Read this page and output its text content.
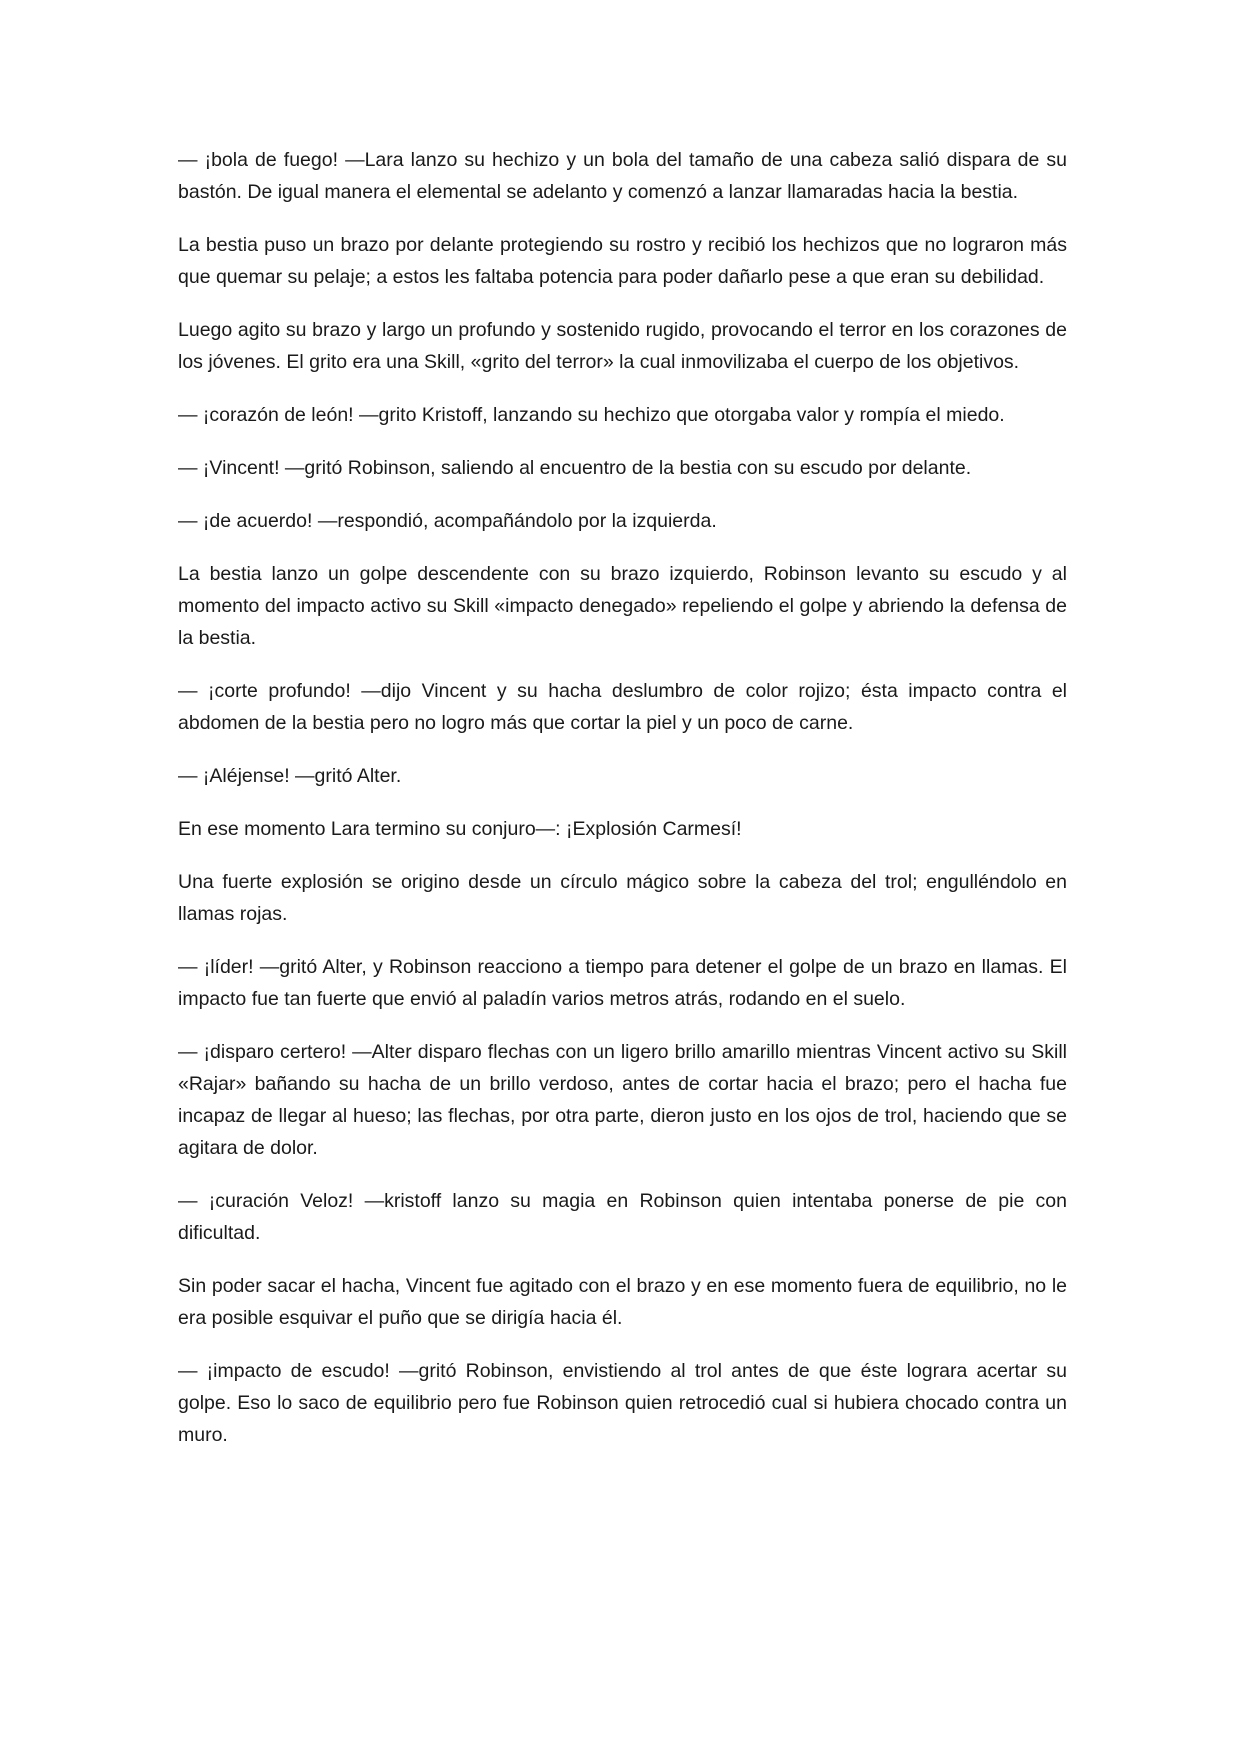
— ¡bola de fuego! —Lara lanzo su hechizo y un bola del tamaño de una cabeza salió dispara de su bastón. De igual manera el elemental se adelanto y comenzó a lanzar llamaradas hacia la bestia.

La bestia puso un brazo por delante protegiendo su rostro y recibió los hechizos que no lograron más que quemar su pelaje; a estos les faltaba potencia para poder dañarlo pese a que eran su debilidad.

Luego agito su brazo y largo un profundo y sostenido rugido, provocando el terror en los corazones de los jóvenes. El grito era una Skill, «grito del terror» la cual inmovilizaba el cuerpo de los objetivos.

— ¡corazón de león! —grito Kristoff, lanzando su hechizo que otorgaba valor y rompía el miedo.

— ¡Vincent! —gritó Robinson, saliendo al encuentro de la bestia con su escudo por delante.

— ¡de acuerdo! —respondió, acompañándolo por la izquierda.

La bestia lanzo un golpe descendente con su brazo izquierdo, Robinson levanto su escudo y al momento del impacto activo su Skill «impacto denegado» repeliendo el golpe y abriendo la defensa de la bestia.

— ¡corte profundo! —dijo Vincent y su hacha deslumbro de color rojizo; ésta impacto contra el abdomen de la bestia pero no logro más que cortar la piel y un poco de carne.

— ¡Aléjense! —gritó Alter.

En ese momento Lara termino su conjuro—: ¡Explosión Carmesí!

Una fuerte explosión se origino desde un círculo mágico sobre la cabeza del trol; engulléndolo en llamas rojas.

— ¡líder! —gritó Alter, y Robinson reacciono a tiempo para detener el golpe de un brazo en llamas. El impacto fue tan fuerte que envió al paladín varios metros atrás, rodando en el suelo.

— ¡disparo certero! —Alter disparo flechas con un ligero brillo amarillo mientras Vincent activo su Skill «Rajar» bañando su hacha de un brillo verdoso, antes de cortar hacia el brazo; pero el hacha fue incapaz de llegar al hueso; las flechas, por otra parte, dieron justo en los ojos de trol, haciendo que se agitara de dolor.

— ¡curación Veloz! —kristoff lanzo su magia en Robinson quien intentaba ponerse de pie con dificultad.

Sin poder sacar el hacha, Vincent fue agitado con el brazo y en ese momento fuera de equilibrio, no le era posible esquivar el puño que se dirigía hacia él.

— ¡impacto de escudo! —gritó Robinson, envistiendo al trol antes de que éste lograra acertar su golpe. Eso lo saco de equilibrio pero fue Robinson quien retrocedió cual si hubiera chocado contra un muro.
